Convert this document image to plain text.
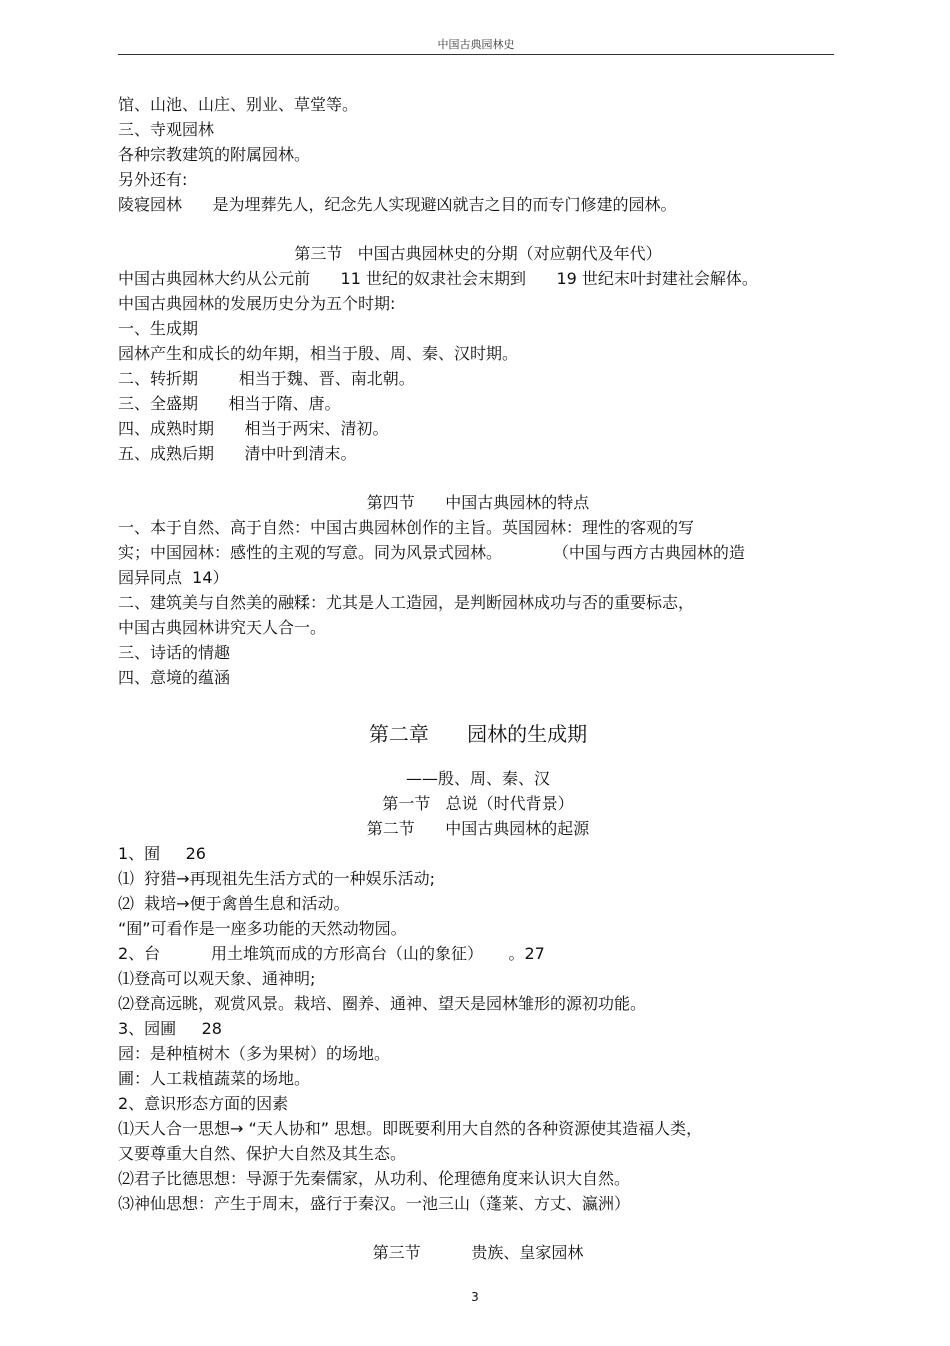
中国古典园林史
馆、山池、山庄、别业、草堂等。
三、寺观园林
各种宗教建筑的附属园林。
另外还有:
陵寝园林      是为埋葬先人，纪念先人实现避凶就吉之目的而专门修建的园林。
第三节   中国古典园林史的分期（对应朝代及年代）
中国古典园林大约从公元前      11 世纪的奴隶社会末期到      19 世纪末叶封建社会解体。
中国古典园林的发展历史分为五个时期:
一、生成期
园林产生和成长的幼年期，相当于殷、周、秦、汉时期。
二、转折期        相当于魏、晋、南北朝。
三、全盛期      相当于隋、唐。
四、成熟时期      相当于两宋、清初。
五、成熟后期      清中叶到清末。
第四节      中国古典园林的特点
一、本于自然、高于自然：中国古典园林创作的主旨。英国园林：理性的客观的写
实；中国园林：感性的主观的写意。同为风景式园林。          （中国与西方古典园林的造
园异同点  14）
二、建筑美与自然美的融糅：尤其是人工造园，是判断园林成功与否的重要标志，
中国古典园林讲究天人合一。
三、诗话的情趣
四、意境的蕴涵
第二章      园林的生成期
——殷、周、秦、汉
第一节   总说（时代背景）
第二节      中国古典园林的起源
1、囿     26
⑴  狩猎→再现祖先生活方式的一种娱乐活动;
⑵  栽培→便于禽兽生息和活动。
“囿”可看作是一座多功能的天然动物园。
2、台          用土堆筑而成的方形高台（山的象征）     。27
⑴登高可以观天象、通神明;
⑵登高远眺，观赏风景。栽培、圈养、通神、望天是园林雏形的源初功能。
3、园圃     28
园：是种植树木（多为果树）的场地。
圃：人工栽植蔬菜的场地。
2、意识形态方面的因素
⑴天人合一思想→ “天人协和” 思想。即既要利用大自然的各种资源使其造福人类，
又要尊重大自然、保护大自然及其生态。
⑵君子比德思想：导源于先秦儒家，从功利、伦理德角度来认识大自然。
⑶神仙思想：产生于周末，盛行于秦汉。一池三山（蓬莱、方丈、瀛洲）
第三节          贵族、皇家园林
3
